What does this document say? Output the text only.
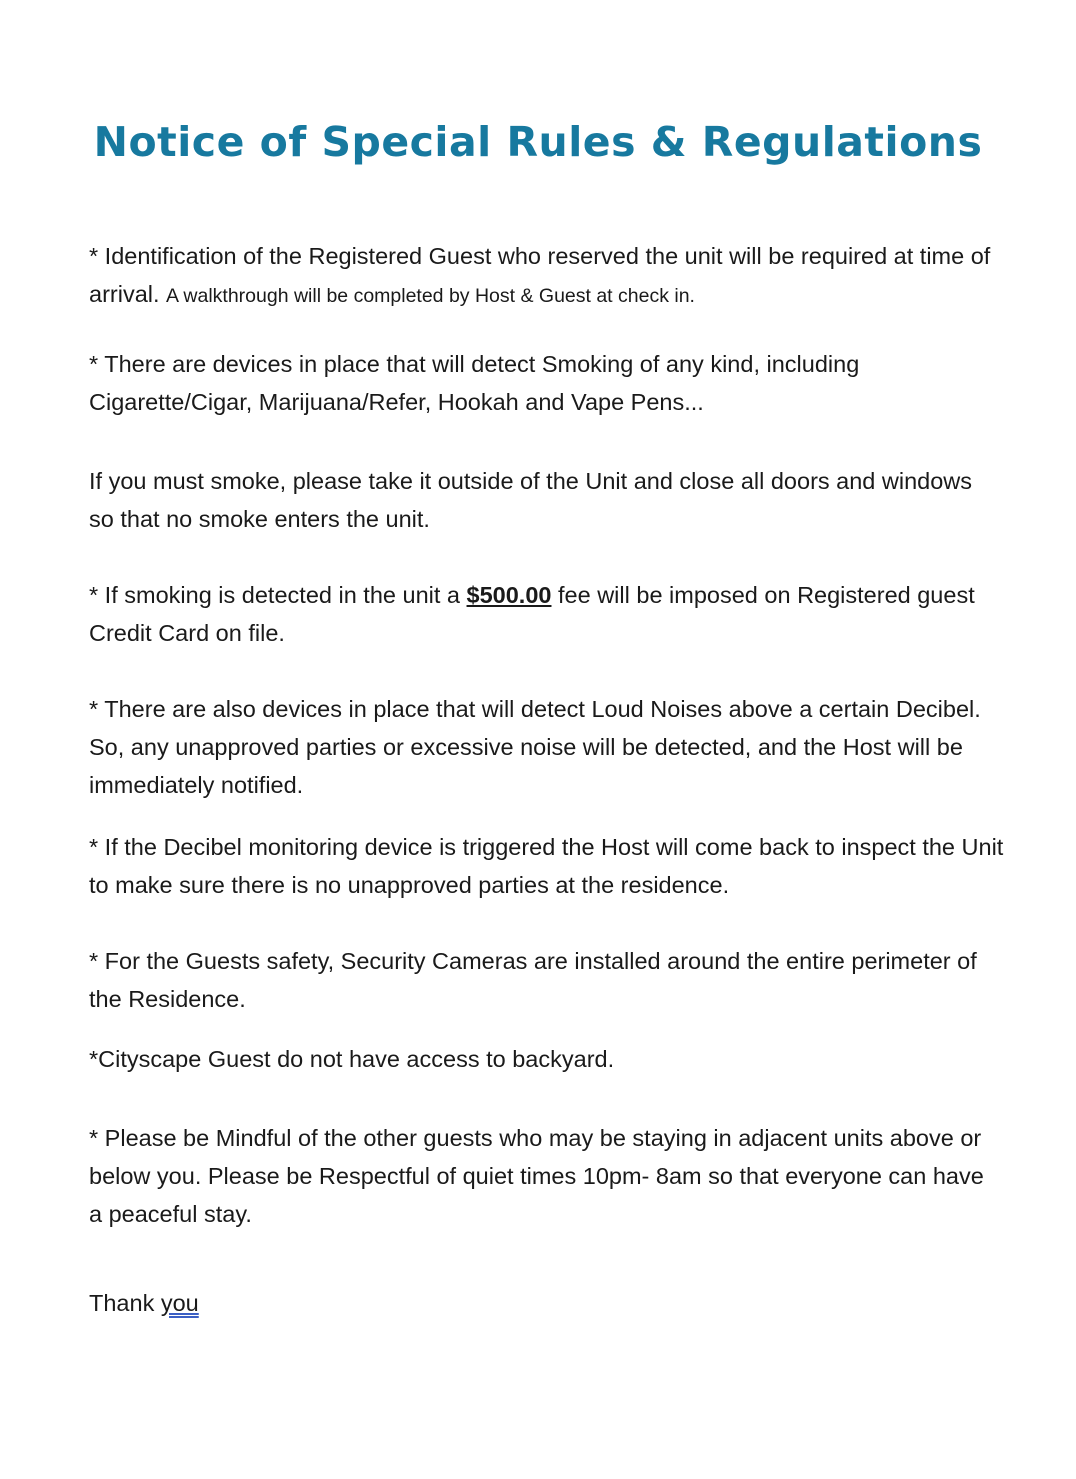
Notice of Special Rules & Regulations

* Identification of the Registered Guest who reserved the unit will be required at time of arrival. A walkthrough will be completed by Host & Guest at check in.

* There are devices in place that will detect Smoking of any kind, including Cigarette/Cigar, Marijuana/Refer, Hookah and Vape Pens...

If you must smoke, please take it outside of the Unit and close all doors and windows so that no smoke enters the unit.

* If smoking is detected in the unit a $500.00 fee will be imposed on Registered guest Credit Card on file.

* There are also devices in place that will detect Loud Noises above a certain Decibel. So, any unapproved parties or excessive noise will be detected, and the Host will be immediately notified.

* If the Decibel monitoring device is triggered the Host will come back to inspect the Unit to make sure there is no unapproved parties at the residence.

* For the Guests safety, Security Cameras are installed around the entire perimeter of the Residence.

*Cityscape Guest do not have access to backyard.

* Please be Mindful of the other guests who may be staying in adjacent units above or below you. Please be Respectful of quiet times 10pm- 8am so that everyone can have a peaceful stay.

Thank you
